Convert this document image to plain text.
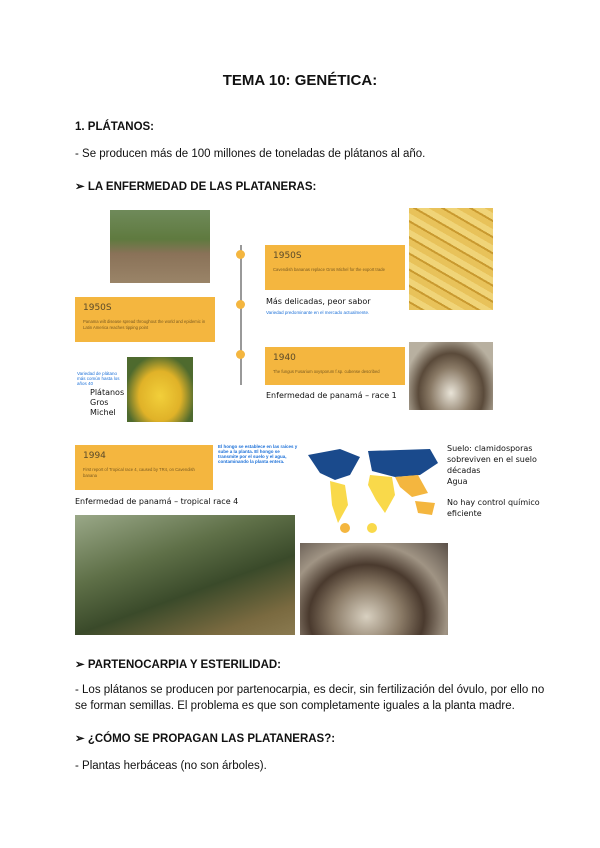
TEMA 10: GENÉTICA:
1. PLÁTANOS:
- Se producen más de 100 millones de toneladas de plátanos al año.
➢ LA ENFERMEDAD DE LAS PLATANERAS:
1950S
Cavendish bananas replace Gros Michel for the export trade
Más delicadas, peor sabor
Variedad predominante en el mercado actualmente.
1950S
Panama wilt disease spread throughout the world and epidemic in Latin America reaches tipping point
Variedad de plátano más común hasta los años 40
Plátanos
Gros
Michel
1940
The fungus Fusarium oxysporum f.sp. cubense described
Enfermedad de panamá – race 1
1994
First report of Tropical race 4, caused by TR4, on Cavendish banana
El hongo se establece en las raíces y sube a la planta. El hongo se transmite por el suelo y el agua, contaminando la planta entera.
Enfermedad de panamá – tropical race 4
Suelo: clamidosporas
sobreviven en el suelo
décadas
Agua
No hay control químico
eficiente
➢ PARTENOCARPIA Y ESTERILIDAD:
- Los plátanos se producen por partenocarpia, es decir, sin fertilización del óvulo, por ello no
se forman semillas. El problema es que son completamente iguales a la planta madre.
➢ ¿CÓMO SE PROPAGAN LAS PLATANERAS?:
- Plantas herbáceas (no son árboles).
